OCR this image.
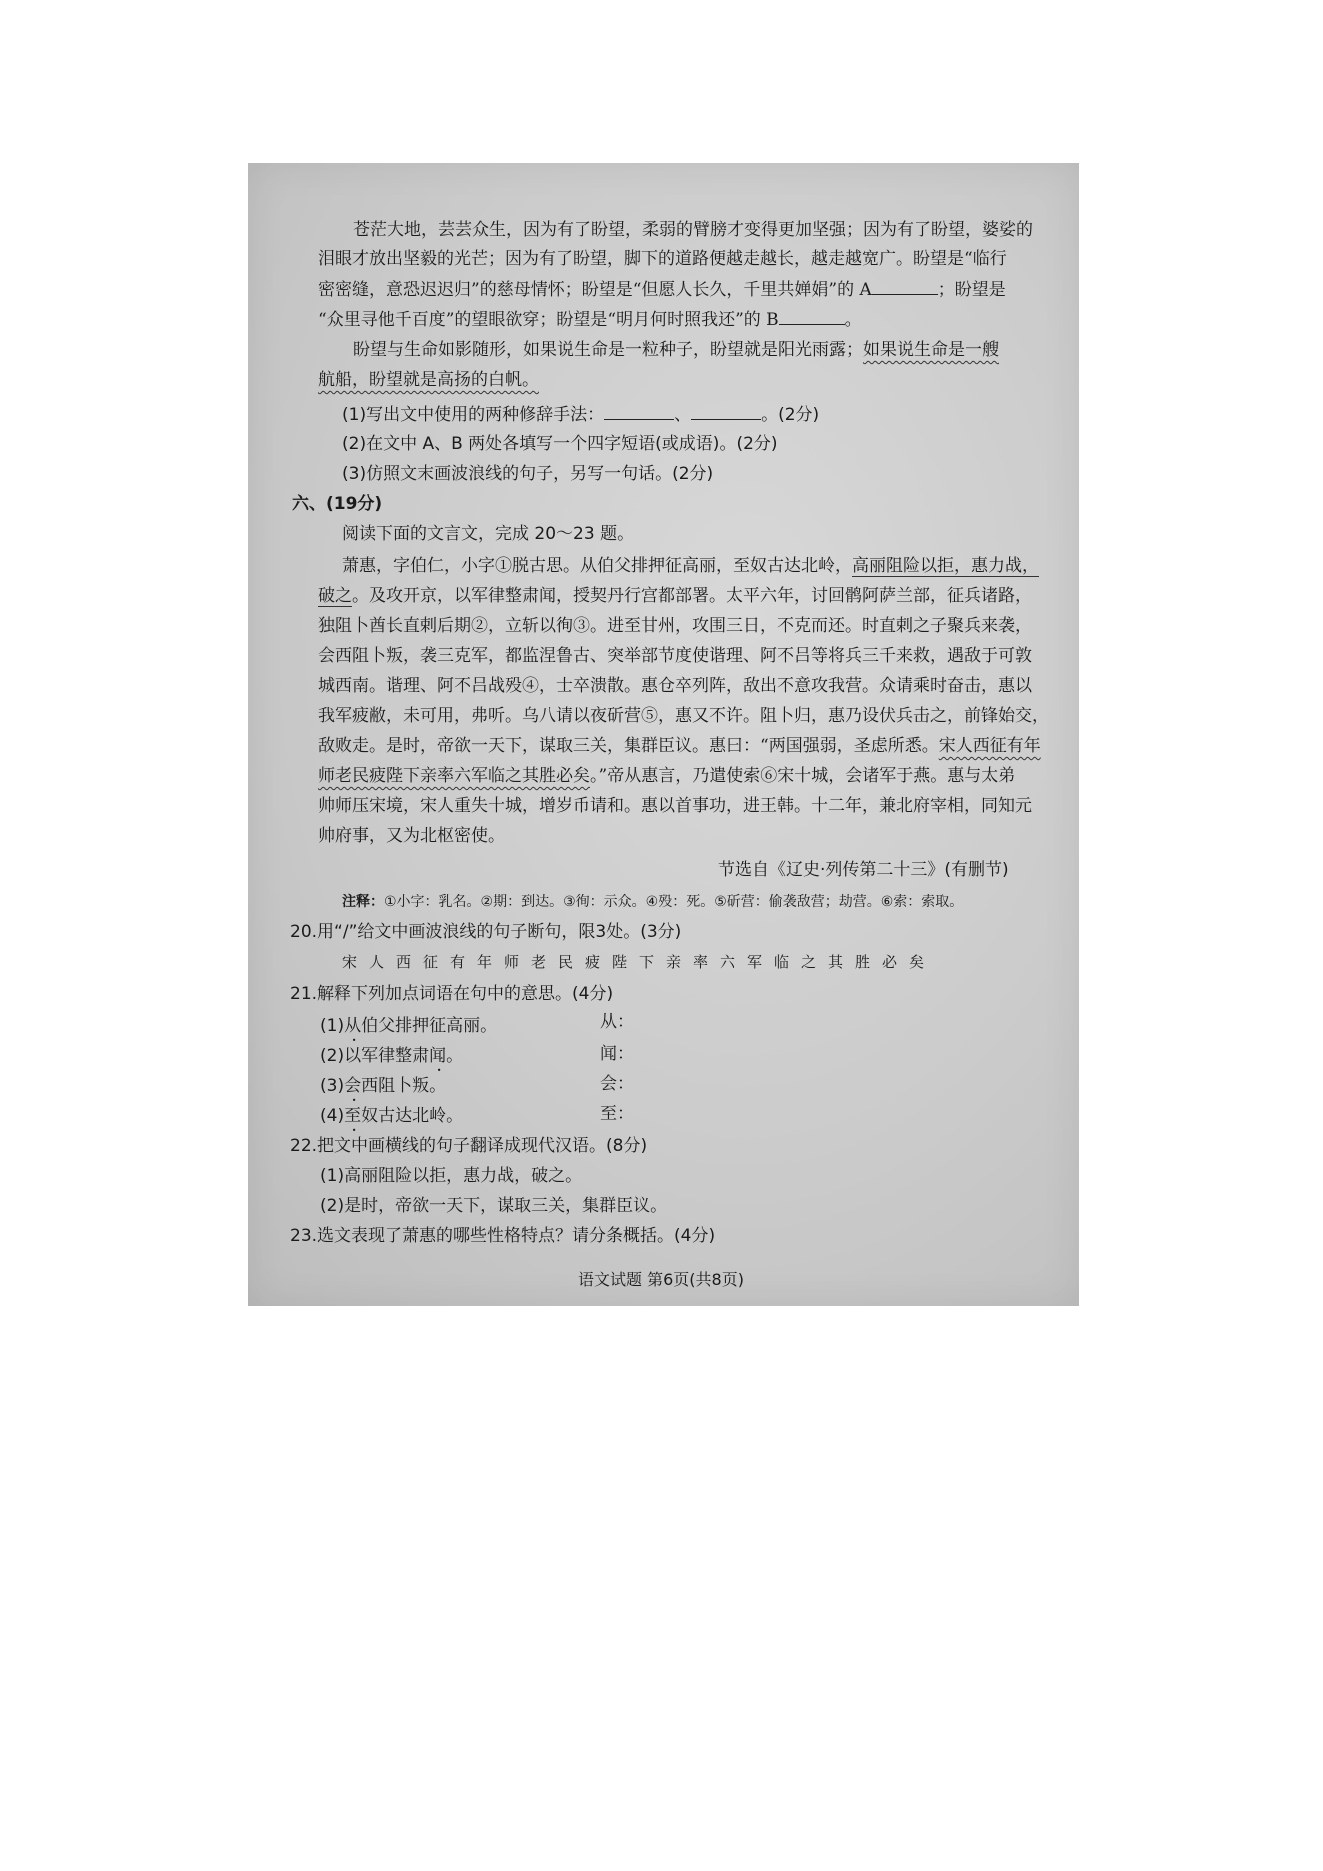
苍茫大地，芸芸众生，因为有了盼望，柔弱的臂膀才变得更加坚强；因为有了盼望，婆娑的
泪眼才放出坚毅的光芒；因为有了盼望，脚下的道路便越走越长，越走越宽广。盼望是“临行
密密缝，意恐迟迟归”的慈母情怀；盼望是“但愿人长久，千里共婵娟”的 A	；盼望是
“众里寻他千百度”的望眼欲穿；盼望是“明月何时照我还”的 B	。
盼望与生命如影随形，如果说生命是一粒种子，盼望就是阳光雨露；如果说生命是一艘
航船，盼望就是高扬的白帆。
(1)写出文中使用的两种修辞手法：	、	。(2分)
(2)在文中 A、B 两处各填写一个四字短语(或成语)。(2分)
(3)仿照文末画波浪线的句子，另写一句话。(2分)
六、(19分)
阅读下面的文言文，完成 20～23 题。
萧惠，字伯仁，小字①脱古思。从伯父排押征高丽，至奴古达北岭，高丽阻险以拒，惠力战，
破之。及攻开京，以军律整肃闻，授契丹行宫都部署。太平六年，讨回鹘阿萨兰部，征兵诸路，
独阻卜酋长直剌后期②，立斩以徇③。进至甘州，攻围三日，不克而还。时直剌之子聚兵来袭，
会西阻卜叛，袭三克军，都监涅鲁古、突举部节度使谐理、阿不吕等将兵三千来救，遇敌于可敦
城西南。谐理、阿不吕战殁④，士卒溃散。惠仓卒列阵，敌出不意攻我营。众请乘时奋击，惠以
我军疲敝，未可用，弗听。乌八请以夜斫营⑤，惠又不许。阻卜归，惠乃设伏兵击之，前锋始交，
敌败走。是时，帝欲一天下，谋取三关，集群臣议。惠曰：“两国强弱，圣虑所悉。宋人西征有年
师老民疲陛下亲率六军临之其胜必矣。”帝从惠言，乃遣使索⑥宋十城，会诸军于燕。惠与太弟
帅师压宋境，宋人重失十城，增岁币请和。惠以首事功，进王韩。十二年，兼北府宰相，同知元
帅府事，又为北枢密使。
节选自《辽史·列传第二十三》(有删节)
注释：①小字：乳名。②期：到达。③徇：示众。④殁：死。⑤斫营：偷袭敌营；劫营。⑥索：索取。
20.用“/”给文中画波浪线的句子断句，限3处。(3分)
宋人西征有年师老民疲陛下亲率六军临之其胜必矣
21.解释下列加点词语在句中的意思。(4分)
(1)从伯父排押征高丽。	从：
(2)以军律整肃闻。	闻：
(3)会西阻卜叛。	会：
(4)至奴古达北岭。	至：
22.把文中画横线的句子翻译成现代汉语。(8分)
(1)高丽阻险以拒，惠力战，破之。
(2)是时，帝欲一天下，谋取三关，集群臣议。
23.选文表现了萧惠的哪些性格特点？请分条概括。(4分)
语文试题 第6页(共8页)
